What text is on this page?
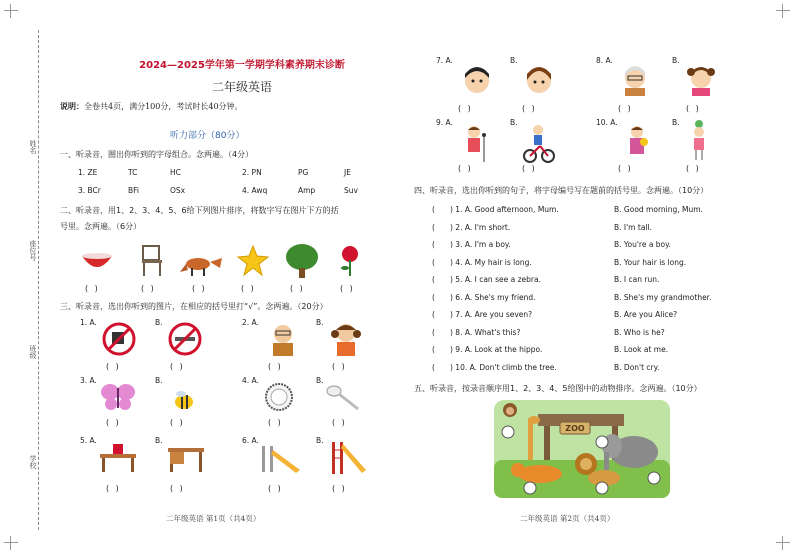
姓名
座位号
班级
学校
2024—2025学年第一学期学科素养期末诊断
二年级英语
说明：全卷共4页，满分100分，考试时长40分钟。
听力部分（80分）
一、听录音，圈出你听到的字母组合。念两遍。（4分）
1. ZE	TC	HC	2. PN	PG	JE
3. BCr	BFi	OSx	4. Awq	Amp	Suv
二、听录音，用1、2、3、4、5、6给下列图片排序，将数字写在图片下方的括
号里。念两遍。（6分）
( )	( )	( )	( )	( )	( )
三、听录音，选出你听到的图片，在相应的括号里打“√”。念两遍。（20分）
1. A.	B.	2. A.	B.
( )	( )	( )	( )
3. A.	B.	4. A.	B.
( )	( )	( )	( )
5. A.	B.	6. A.	B.
( )	( )	( )	( )
二年级英语 第1页（共4页）
7. A.	B.	8. A.	B.
( )	( )	( )	( )
9. A.	B.	10. A.	B.
( )	( )	( )	( )
四、听录音，选出你听到的句子，将字母编号写在题前的括号里。念两遍。（10分）
( ) 1. A. Good afternoon, Mum.	B. Good morning, Mum.
( ) 2. A. I'm short.	B. I'm tall.
( ) 3. A. I'm a boy.	B. You're a boy.
( ) 4. A. My hair is long.	B. Your hair is long.
( ) 5. A. I can see a zebra.	B. I can run.
( ) 6. A. She's my friend.	B. She's my grandmother.
( ) 7. A. Are you seven?	B. Are you Alice?
( ) 8. A. What's this?	B. Who is he?
( ) 9. A. Look at the hippo.	B. Look at me.
( ) 10. A. Don't climb the tree.	B. Don't cry.
五、听录音，按录音顺序用1、2、3、4、5给图中的动物排序。念两遍。（10分）
ZOO
二年级英语 第2页（共4页）
